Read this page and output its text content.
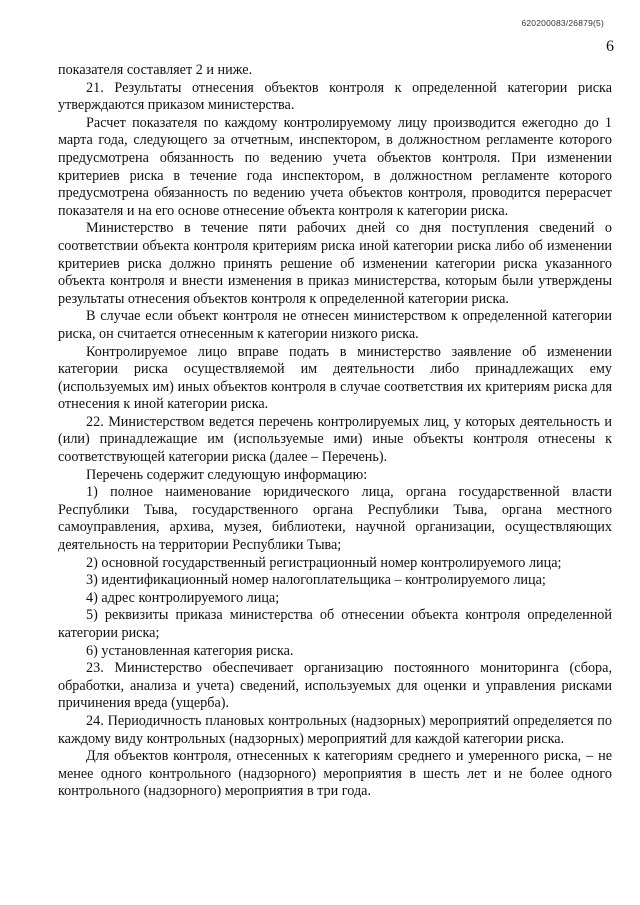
620200083/26879(5)
6

показателя составляет 2 и ниже.

21. Результаты отнесения объектов контроля к определенной категории риска утверждаются приказом министерства.

Расчет показателя по каждому контролируемому лицу производится ежегодно до 1 марта года, следующего за отчетным, инспектором, в должностном регламенте которого предусмотрена обязанность по ведению учета объектов контроля. При изменении критериев риска в течение года инспектором, в должностном регламенте которого предусмотрена обязанность по ведению учета объектов контроля, проводится перерасчет показателя и на его основе отнесение объекта контроля к категории риска.

Министерство в течение пяти рабочих дней со дня поступления сведений о соответствии объекта контроля критериям риска иной категории риска либо об изменении критериев риска должно принять решение об изменении категории риска указанного объекта контроля и внести изменения в приказ министерства, которым были утверждены результаты отнесения объектов контроля к определенной категории риска.

В случае если объект контроля не отнесен министерством к определенной категории риска, он считается отнесенным к категории низкого риска.

Контролируемое лицо вправе подать в министерство заявление об изменении категории риска осуществляемой им деятельности либо принадлежащих ему (используемых им) иных объектов контроля в случае соответствия их критериям риска для отнесения к иной категории риска.

22. Министерством ведется перечень контролируемых лиц, у которых деятельность и (или) принадлежащие им (используемые ими) иные объекты контроля отнесены к соответствующей категории риска (далее – Перечень).

Перечень содержит следующую информацию:

1) полное наименование юридического лица, органа государственной власти Республики Тыва, государственного органа Республики Тыва, органа местного самоуправления, архива, музея, библиотеки, научной организации, осуществляющих деятельность на территории Республики Тыва;

2) основной государственный регистрационный номер контролируемого лица;

3) идентификационный номер налогоплательщика – контролируемого лица;

4) адрес контролируемого лица;

5) реквизиты приказа министерства об отнесении объекта контроля определенной категории риска;

6) установленная категория риска.

23. Министерство обеспечивает организацию постоянного мониторинга (сбора, обработки, анализа и учета) сведений, используемых для оценки и управления рисками причинения вреда (ущерба).

24. Периодичность плановых контрольных (надзорных) мероприятий определяется по каждому виду контрольных (надзорных) мероприятий для каждой категории риска.

Для объектов контроля, отнесенных к категориям среднего и умеренного риска, – не менее одного контрольного (надзорного) мероприятия в шесть лет и не более одного контрольного (надзорного) мероприятия в три года.
